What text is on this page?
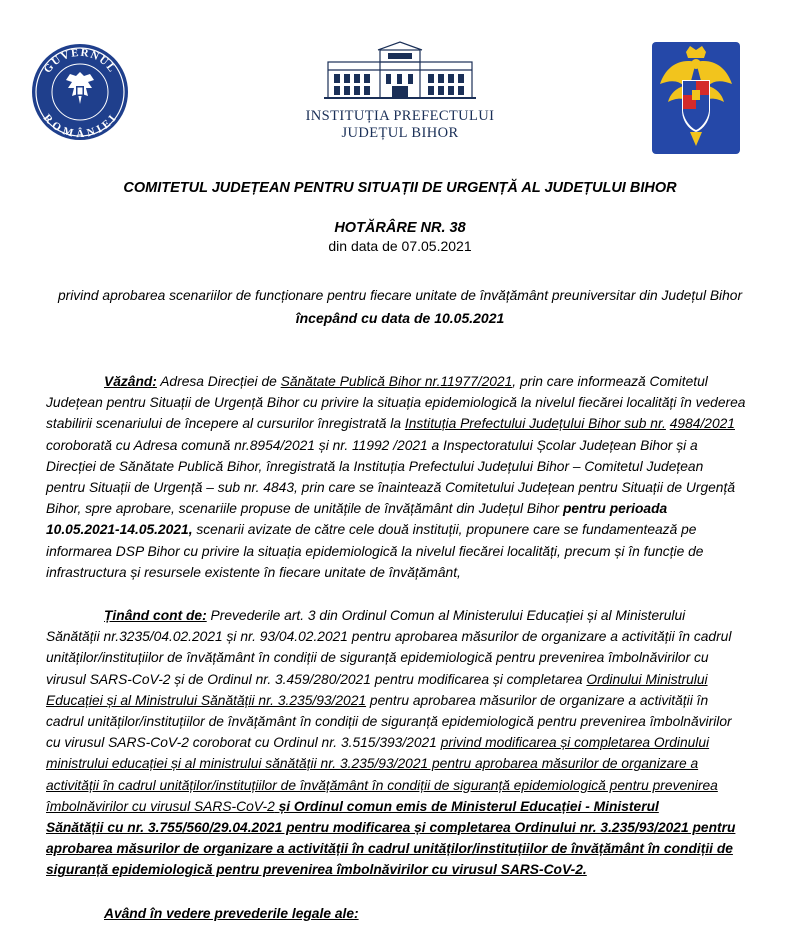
GUVERNUL
ROMÂNIEI	INSTITUȚIA PREFECTULUI
JUDEȚUL BIHOR
COMITETUL JUDEȚEAN PENTRU SITUAȚII DE URGENȚĂ AL JUDEȚULUI BIHOR
HOTĂRÂRE NR. 38
din data de 07.05.2021
privind aprobarea scenariilor de funcționare pentru fiecare unitate de învățământ preuniversitar din Județul Bihor
începând cu data de 10.05.2021
Văzând: Adresa Direcției de Sănătate Publică Bihor nr.11977/2021, prin care informează Comitetul
Județean pentru Situații de Urgență Bihor cu privire la situația epidemiologică la nivelul fiecărei localități în vederea
stabilirii scenariului de începere al cursurilor înregistrată la Instituția Prefectului Județului Bihor sub nr. 4984/2021
coroborată cu Adresa comună nr.8954/2021 și nr. 11992 /2021 a Inspectoratului Școlar Județean Bihor și a
Direcției de Sănătate Publică Bihor, înregistrată la Instituția Prefectului Județului Bihor – Comitetul Județean
pentru Situații de Urgență – sub nr. 4843, prin care se înaintează Comitetului Județean pentru Situații de Urgență
Bihor, spre aprobare, scenariile propuse de unitățile de învățământ din Județul Bihor pentru perioada
10.05.2021-14.05.2021, scenarii avizate de către cele două instituții, propunere care se fundamentează pe
informarea DSP Bihor cu privire la situația epidemiologică la nivelul fiecărei localități, precum și în funcție de
infrastructura și resursele existente în fiecare unitate de învățământ,
Ținând cont de: Prevederile art. 3 din Ordinul Comun al Ministerului Educației și al Ministerului
Sănătății nr.3235/04.02.2021 și nr. 93/04.02.2021 pentru aprobarea măsurilor de organizare a activității în cadrul
unităților/instituțiilor de învățământ în condiții de siguranță epidemiologică pentru prevenirea îmbolnăvirilor cu
virusul SARS-CoV-2 și de Ordinul nr. 3.459/280/2021 pentru modificarea și completarea Ordinului Ministrului
Educației și al Ministrului Sănătății nr. 3.235/93/2021 pentru aprobarea măsurilor de organizare a activității în
cadrul unităților/instituțiilor de învățământ în condiții de siguranță epidemiologică pentru prevenirea îmbolnăvirilor
cu virusul SARS-CoV-2 coroborat cu Ordinul nr. 3.515/393/2021 privind modificarea și completarea Ordinului
ministrului educației și al ministrului sănătății nr. 3.235/93/2021 pentru aprobarea măsurilor de organizare a
activității în cadrul unităților/instituțiilor de învățământ în condiții de siguranță epidemiologică pentru prevenirea
îmbolnăvirilor cu virusul SARS-CoV-2 și Ordinul comun emis de Ministerul Educației - Ministerul
Sănătății cu nr. 3.755/560/29.04.2021 pentru modificarea și completarea Ordinului nr. 3.235/93/2021 pentru
aprobarea măsurilor de organizare a activității în cadrul unităților/instituțiilor de învățământ în condiții de
siguranță epidemiologică pentru prevenirea îmbolnăvirilor cu virusul SARS-CoV-2.
Având în vedere prevederile legale ale:
